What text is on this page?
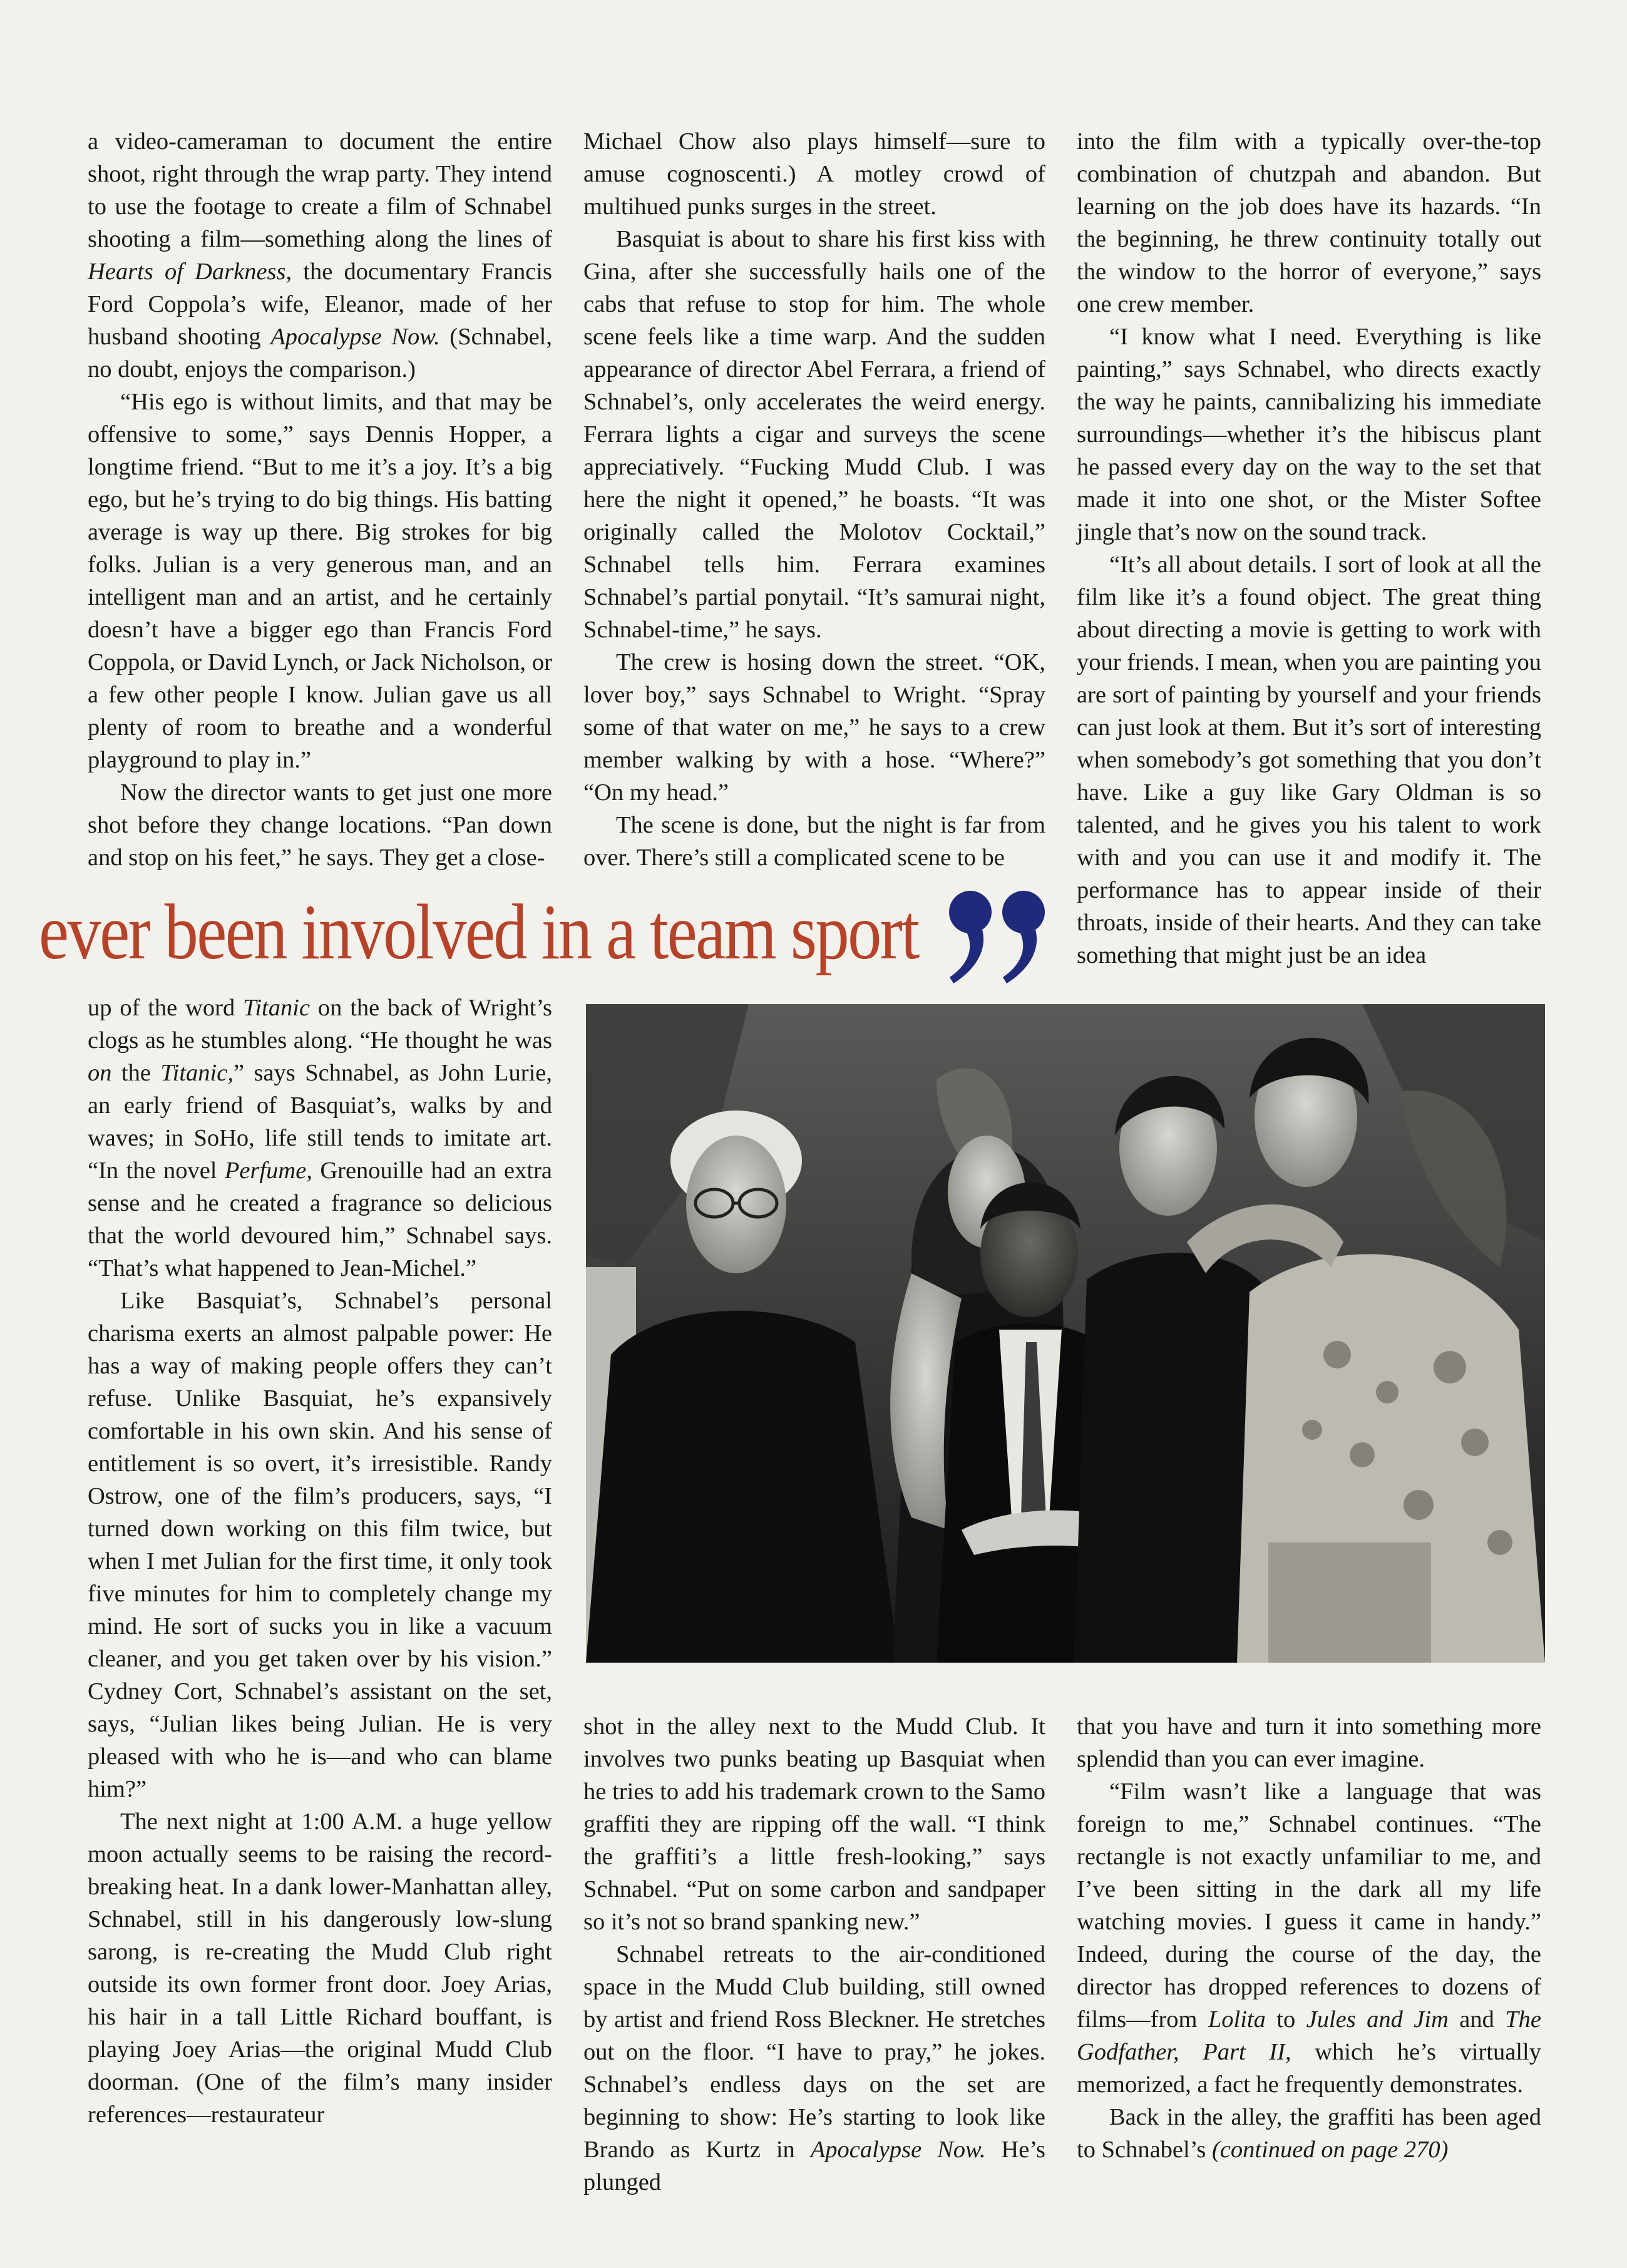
a video-cameraman to document the entire shoot, right through the wrap party. They intend to use the footage to create a film of Schnabel shooting a film—something along the lines of Hearts of Darkness, the documentary Francis Ford Coppola’s wife, Eleanor, made of her husband shooting Apocalypse Now. (Schnabel, no doubt, enjoys the comparison.)

“His ego is without limits, and that may be offensive to some,” says Dennis Hopper, a longtime friend. “But to me it’s a joy. It’s a big ego, but he’s trying to do big things. His batting average is way up there. Big strokes for big folks. Julian is a very generous man, and an intelligent man and an artist, and he certainly doesn’t have a bigger ego than Francis Ford Coppola, or David Lynch, or Jack Nicholson, or a few other people I know. Julian gave us all plenty of room to breathe and a wonderful playground to play in.”

Now the director wants to get just one more shot before they change locations. “Pan down and stop on his feet,” he says. They get a close-

Michael Chow also plays himself—sure to amuse cognoscenti.) A motley crowd of multihued punks surges in the street.

Basquiat is about to share his first kiss with Gina, after she successfully hails one of the cabs that refuse to stop for him. The whole scene feels like a time warp. And the sudden appearance of director Abel Ferrara, a friend of Schnabel’s, only accelerates the weird energy. Ferrara lights a cigar and surveys the scene appreciatively. “Fucking Mudd Club. I was here the night it opened,” he boasts. “It was originally called the Molotov Cocktail,” Schnabel tells him. Ferrara examines Schnabel’s partial ponytail. “It’s samurai night, Schnabel-time,” he says.

The crew is hosing down the street. “OK, lover boy,” says Schnabel to Wright. “Spray some of that water on me,” he says to a crew member walking by with a hose. “Where?” “On my head.”

The scene is done, but the night is far from over. There’s still a complicated scene to be

into the film with a typically over-the-top combination of chutzpah and abandon. But learning on the job does have its hazards. “In the beginning, he threw continuity totally out the window to the horror of everyone,” says one crew member.

“I know what I need. Everything is like painting,” says Schnabel, who directs exactly the way he paints, cannibalizing his immediate surroundings—whether it’s the hibiscus plant he passed every day on the way to the set that made it into one shot, or the Mister Softee jingle that’s now on the sound track.

“It’s all about details. I sort of look at all the film like it’s a found object. The great thing about directing a movie is getting to work with your friends. I mean, when you are painting you are sort of painting by yourself and your friends can just look at them. But it’s sort of interesting when somebody’s got something that you don’t have. Like a guy like Gary Oldman is so talented, and he gives you his talent to work with and you can use it and modify it. The performance has to appear inside of their throats, inside of their hearts. And they can take something that might just be an idea

ever been involved in a team sport

up of the word Titanic on the back of Wright’s clogs as he stumbles along. “He thought he was on the Titanic,” says Schnabel, as John Lurie, an early friend of Basquiat’s, walks by and waves; in SoHo, life still tends to imitate art. “In the novel Perfume, Grenouille had an extra sense and he created a fragrance so delicious that the world devoured him,” Schnabel says. “That’s what happened to Jean-Michel.”

Like Basquiat’s, Schnabel’s personal charisma exerts an almost palpable power: He has a way of making people offers they can’t refuse. Unlike Basquiat, he’s expansively comfortable in his own skin. And his sense of entitlement is so overt, it’s irresistible. Randy Ostrow, one of the film’s producers, says, “I turned down working on this film twice, but when I met Julian for the first time, it only took five minutes for him to completely change my mind. He sort of sucks you in like a vacuum cleaner, and you get taken over by his vision.” Cydney Cort, Schnabel’s assistant on the set, says, “Julian likes being Julian. He is very pleased with who he is—and who can blame him?”

The next night at 1:00 A.M. a huge yellow moon actually seems to be raising the record-breaking heat. In a dank lower-Manhattan alley, Schnabel, still in his dangerously low-slung sarong, is re-creating the Mudd Club right outside its own former front door. Joey Arias, his hair in a tall Little Richard bouffant, is playing Joey Arias—the original Mudd Club doorman. (One of the film’s many insider references—restaurateur

shot in the alley next to the Mudd Club. It involves two punks beating up Basquiat when he tries to add his trademark crown to the Samo graffiti they are ripping off the wall. “I think the graffiti’s a little fresh-looking,” says Schnabel. “Put on some carbon and sandpaper so it’s not so brand spanking new.”

Schnabel retreats to the air-conditioned space in the Mudd Club building, still owned by artist and friend Ross Bleckner. He stretches out on the floor. “I have to pray,” he jokes. Schnabel’s endless days on the set are beginning to show: He’s starting to look like Brando as Kurtz in Apocalypse Now. He’s plunged

that you have and turn it into something more splendid than you can ever imagine.

“Film wasn’t like a language that was foreign to me,” Schnabel continues. “The rectangle is not exactly unfamiliar to me, and I’ve been sitting in the dark all my life watching movies. I guess it came in handy.” Indeed, during the course of the day, the director has dropped references to dozens of films—from Lolita to Jules and Jim and The Godfather, Part II, which he’s virtually memorized, a fact he frequently demonstrates.

Back in the alley, the graffiti has been aged to Schnabel’s (continued on page 270)
